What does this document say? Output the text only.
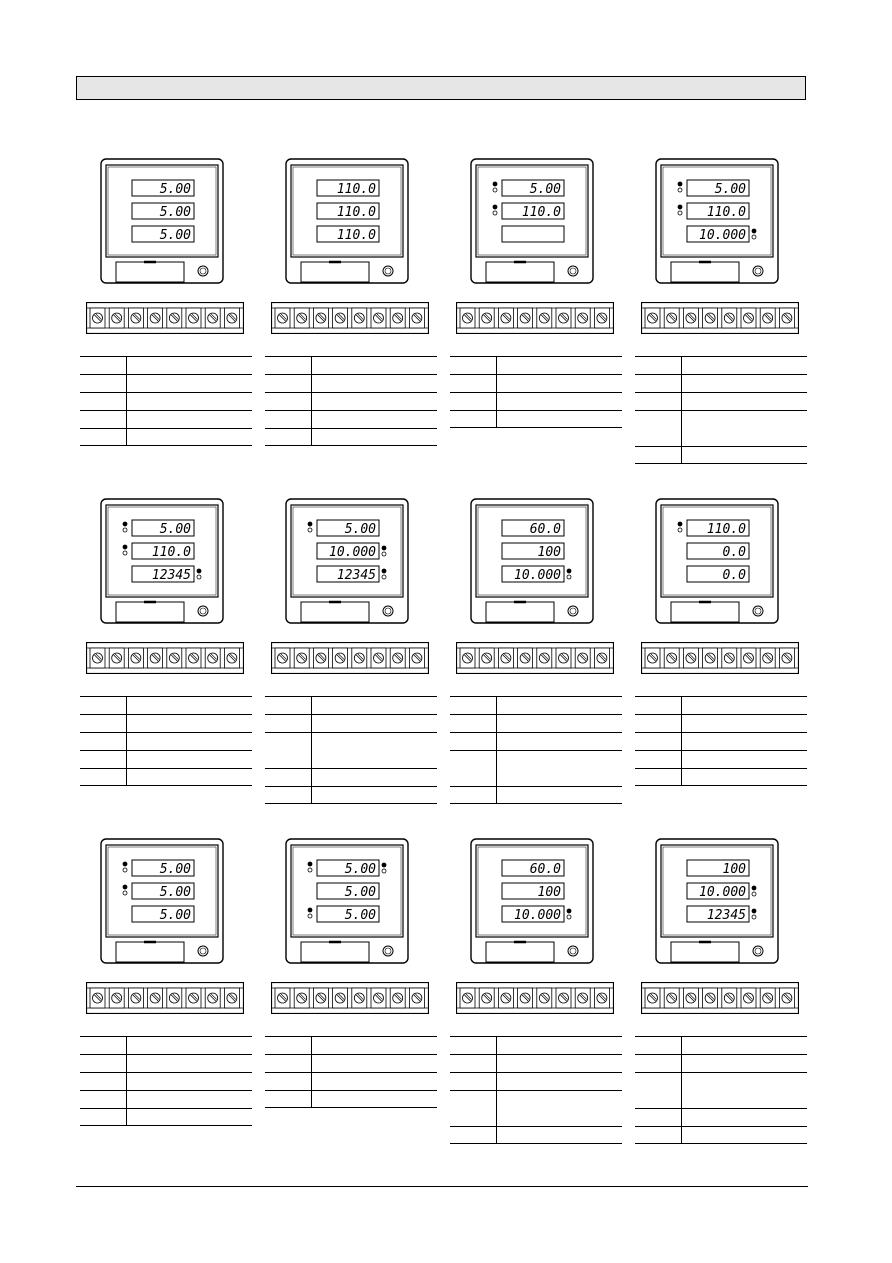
5.00
5.00
5.00
110.0
110.0
110.0
5.00
110.0
5.00
110.0
10.000
5.00
110.0
12345
5.00
10.000
12345
60.0
100
10.000
110.0
0.0
0.0
5.00
5.00
5.00
5.00
5.00
5.00
60.0
100
10.000
100
10.000
12345
